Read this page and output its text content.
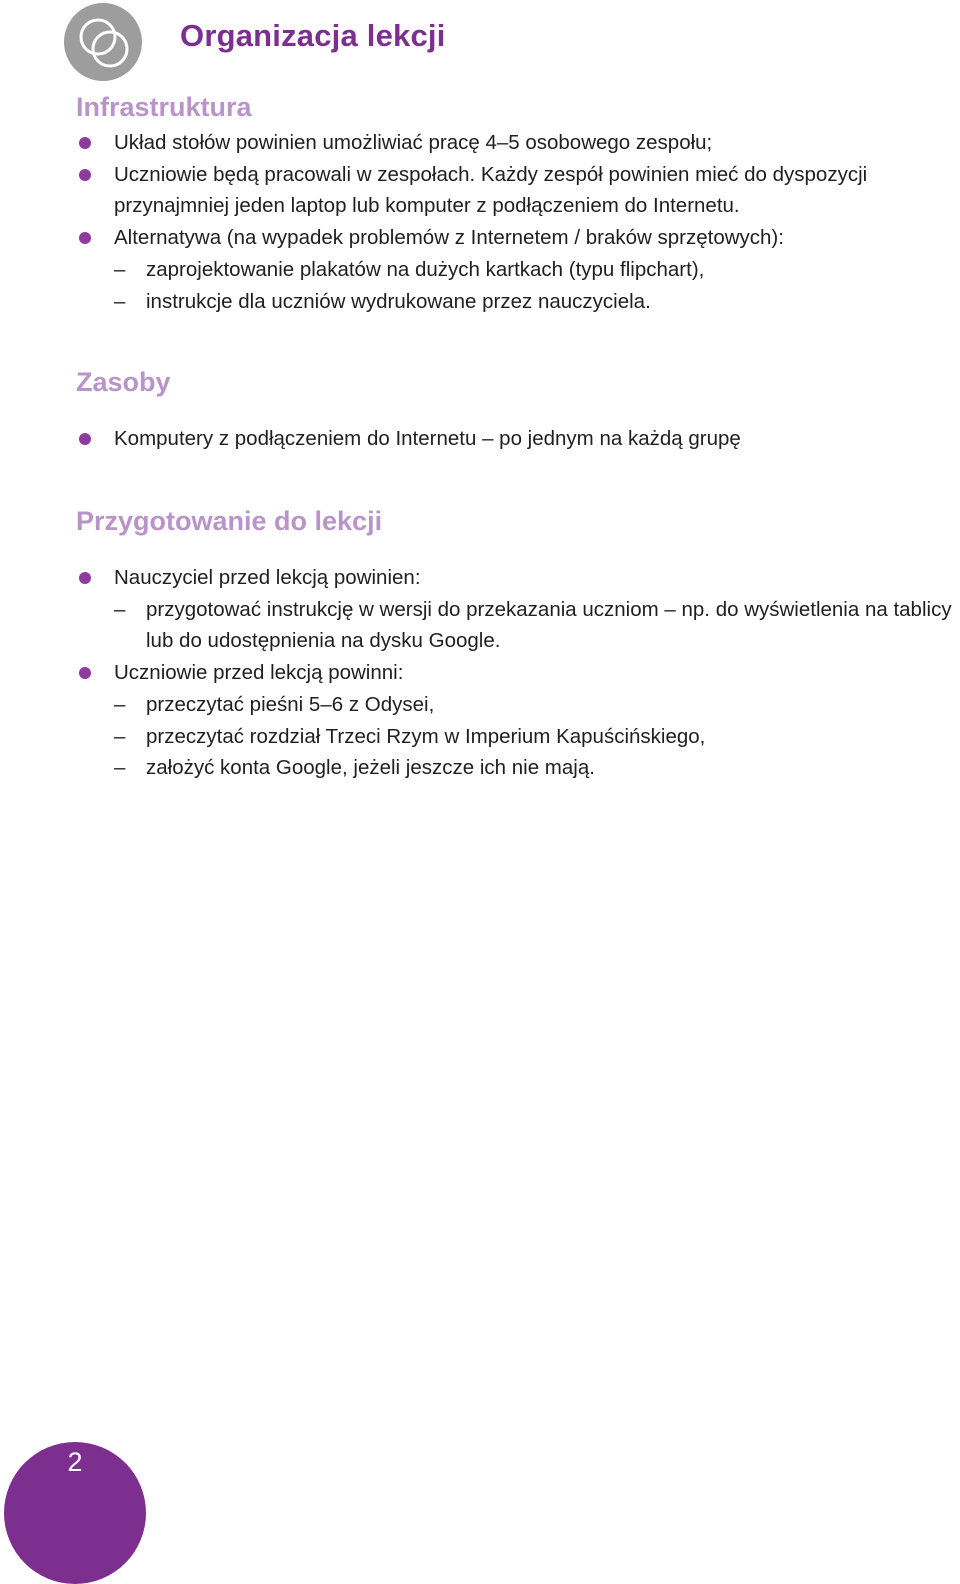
Organizacja lekcji
Infrastruktura
Układ stołów powinien umożliwiać pracę 4–5 osobowego zespołu;
Uczniowie będą pracowali w zespołach. Każdy zespół powinien mieć do dyspozycji przynajmniej jeden laptop lub komputer z podłączeniem do Internetu.
Alternatywa (na wypadek problemów z Internetem / braków sprzętowych):
– zaprojektowanie plakatów na dużych kartkach (typu flipchart),
– instrukcje dla uczniów wydrukowane przez nauczyciela.
Zasoby
Komputery z podłączeniem do Internetu – po jednym na każdą grupę
Przygotowanie do lekcji
Nauczyciel przed lekcją powinien:
– przygotować instrukcję w wersji do przekazania uczniom – np. do wyświetlenia na tablicy lub do udostępnienia na dysku Google.
Uczniowie przed lekcją powinni:
– przeczytać pieśni 5–6 z Odysei,
– przeczytać rozdział Trzeci Rzym w Imperium Kapuścińskiego,
– założyć konta Google, jeżeli jeszcze ich nie mają.
2
